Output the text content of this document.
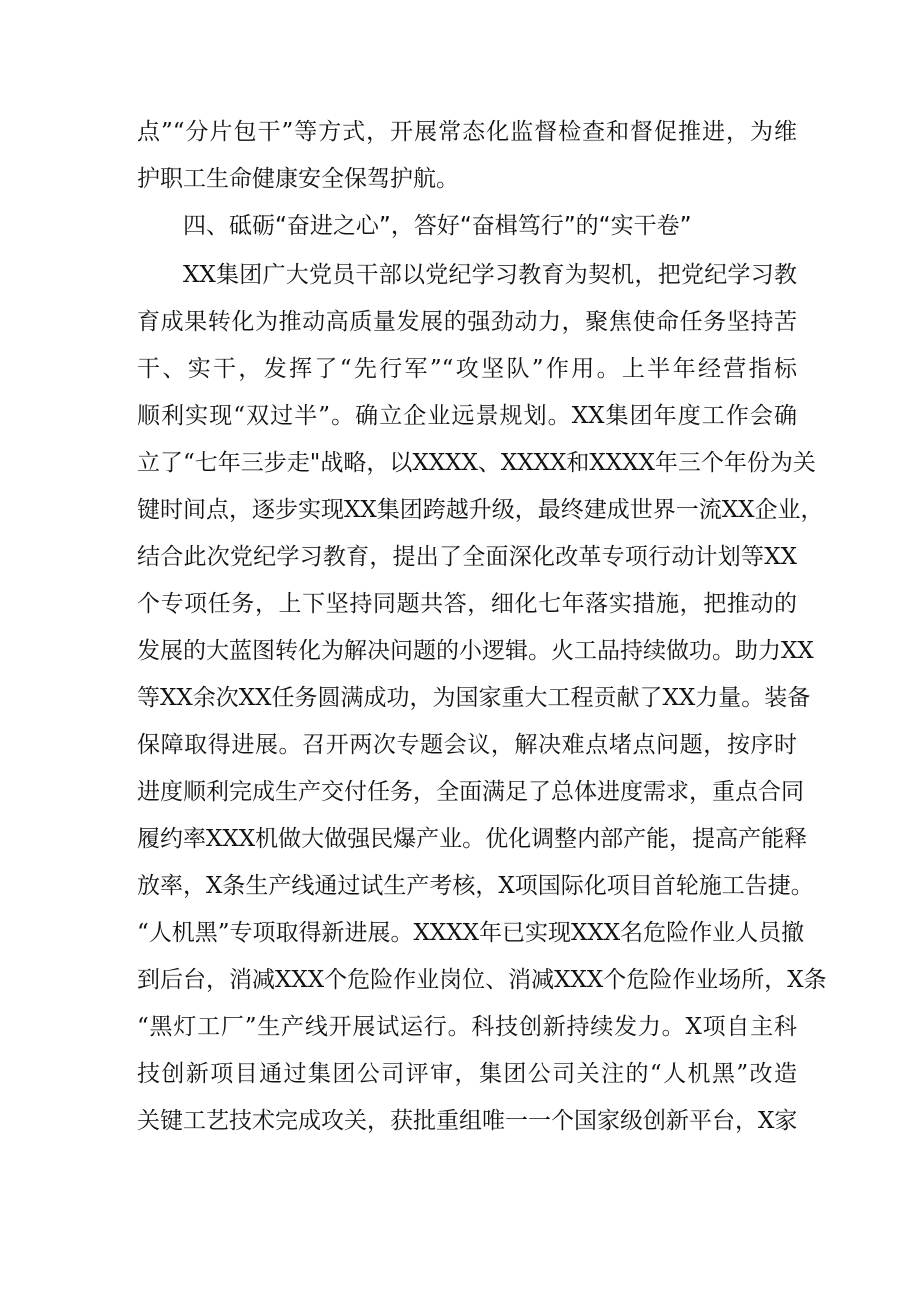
点”“分片包干”等方式，开展常态化监督检查和督促推进，为维
护职工生命健康安全保驾护航。
四、砥砺“奋进之心”，答好“奋楫笃行”的“实干卷”
XX集团广大党员干部以党纪学习教育为契机，把党纪学习教
育成果转化为推动高质量发展的强劲动力，聚焦使命任务坚持苦
干、实干，发挥了“先行军”“攻坚队”作用。上半年经营指标
顺利实现“双过半”。确立企业远景规划。XX集团年度工作会确
立了“七年三步走"战略，以XXXX、XXXX和XXXX年三个年份为关
键时间点，逐步实现XX集团跨越升级，最终建成世界一流XX企业，
结合此次党纪学习教育，提出了全面深化改革专项行动计划等XX
个专项任务，上下坚持同题共答，细化七年落实措施，把推动的
发展的大蓝图转化为解决问题的小逻辑。火工品持续做功。助力XX
等XX余次XX任务圆满成功，为国家重大工程贡献了XX力量。装备
保障取得进展。召开两次专题会议，解决难点堵点问题，按序时
进度顺利完成生产交付任务，全面满足了总体进度需求，重点合同
履约率XXX机做大做强民爆产业。优化调整内部产能，提高产能释
放率，X条生产线通过试生产考核，X项国际化项目首轮施工告捷。
“人机黑”专项取得新进展。XXXX年已实现XXX名危险作业人员撤
到后台，消减XXX个危险作业岗位、消减XXX个危险作业场所，X条
“黑灯工厂”生产线开展试运行。科技创新持续发力。X项自主科
技创新项目通过集团公司评审，集团公司关注的“人机黑”改造
关键工艺技术完成攻关，获批重组唯一一个国家级创新平台，X家
